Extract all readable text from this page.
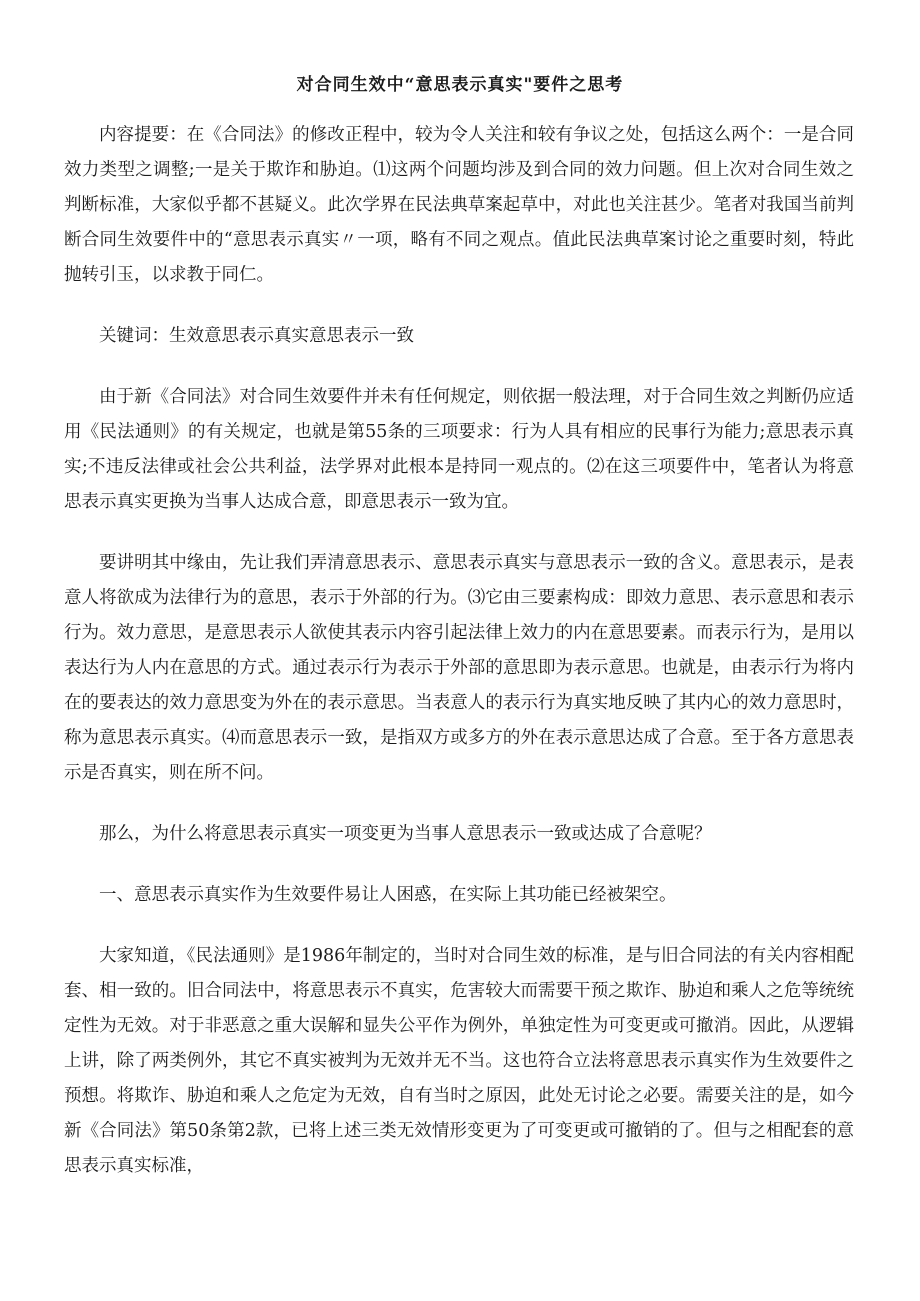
对合同生效中“意思表示真实"要件之思考

内容提要：在《合同法》的修改正程中，较为令人关注和较有争议之处，包括这么两个：一是合同效力类型之调整;一是关于欺诈和胁迫。⑴这两个问题均涉及到合同的效力问题。但上次对合同生效之判断标准，大家似乎都不甚疑义。此次学界在民法典草案起草中，对此也关注甚少。笔者对我国当前判断合同生效要件中的“意思表示真实〃一项，略有不同之观点。值此民法典草案讨论之重要时刻，特此抛转引玉，以求教于同仁。

关键词：生效意思表示真实意思表示一致

由于新《合同法》对合同生效要件并未有任何规定，则依据一般法理，对于合同生效之判断仍应适用《民法通则》的有关规定，也就是第55条的三项要求：行为人具有相应的民事行为能力;意思表示真实;不违反法律或社会公共利益，法学界对此根本是持同一观点的。⑵在这三项要件中，笔者认为将意思表示真实更换为当事人达成合意，即意思表示一致为宜。

要讲明其中缘由，先让我们弄清意思表示、意思表示真实与意思表示一致的含义。意思表示，是表意人将欲成为法律行为的意思，表示于外部的行为。⑶它由三要素构成：即效力意思、表示意思和表示行为。效力意思，是意思表示人欲使其表示内容引起法律上效力的内在意思要素。而表示行为，是用以表达行为人内在意思的方式。通过表示行为表示于外部的意思即为表示意思。也就是，由表示行为将内在的要表达的效力意思变为外在的表示意思。当表意人的表示行为真实地反映了其内心的效力意思时，称为意思表示真实。⑷而意思表示一致，是指双方或多方的外在表示意思达成了合意。至于各方意思表示是否真实，则在所不问。

那么，为什么将意思表示真实一项变更为当事人意思表示一致或达成了合意呢？

一、意思表示真实作为生效要件易让人困惑，在实际上其功能已经被架空。

大家知道，《民法通则》是1986年制定的，当时对合同生效的标准，是与旧合同法的有关内容相配套、相一致的。旧合同法中，将意思表示不真实，危害较大而需要干预之欺诈、胁迫和乘人之危等统统定性为无效。对于非恶意之重大误解和显失公平作为例外，单独定性为可变更或可撤消。因此，从逻辑上讲，除了两类例外，其它不真实被判为无效并无不当。这也符合立法将意思表示真实作为生效要件之预想。将欺诈、胁迫和乘人之危定为无效，自有当时之原因，此处无讨论之必要。需要关注的是，如今新《合同法》第50条第2款，已将上述三类无效情形变更为了可变更或可撤销的了。但与之相配套的意思表示真实标准，
